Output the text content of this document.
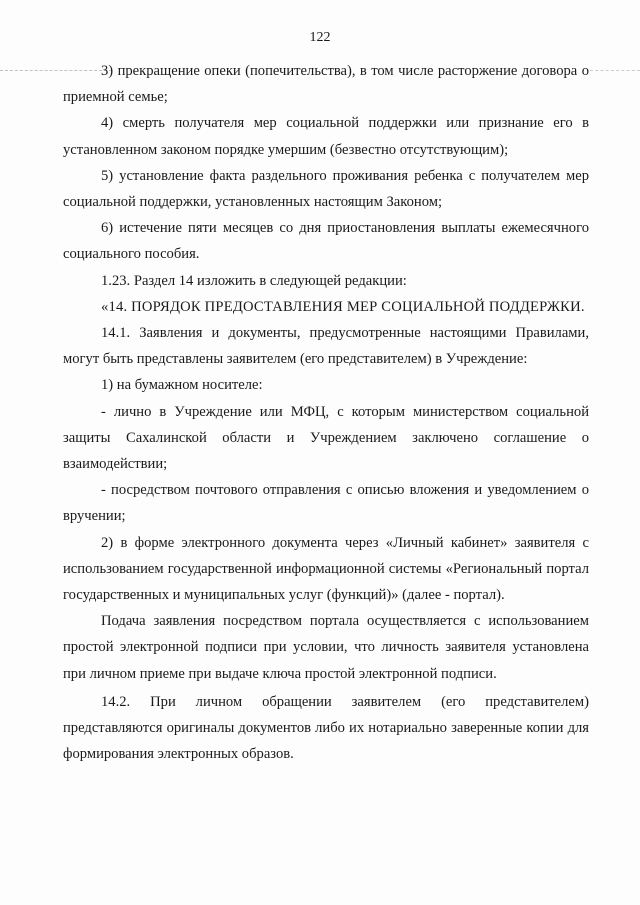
122

3) прекращение опеки (попечительства), в том числе расторжение договора о приемной семье;

4) смерть получателя мер социальной поддержки или признание его в установленном законом порядке умершим (безвестно отсутствующим);

5) установление факта раздельного проживания ребенка с получателем мер социальной поддержки, установленных настоящим Законом;

6) истечение пяти месяцев со дня приостановления выплаты ежемесячного социального пособия.

1.23. Раздел 14 изложить в следующей редакции:

«14. ПОРЯДОК ПРЕДОСТАВЛЕНИЯ МЕР СОЦИАЛЬНОЙ ПОДДЕРЖКИ.

14.1. Заявления и документы, предусмотренные настоящими Правилами, могут быть представлены заявителем (его представителем) в Учреждение:

1) на бумажном носителе:

- лично в Учреждение или МФЦ, с которым министерством социальной защиты Сахалинской области и Учреждением заключено соглашение о взаимодействии;

- посредством почтового отправления с описью вложения и уведомлением о вручении;

2) в форме электронного документа через «Личный кабинет» заявителя с использованием государственной информационной системы «Региональный портал государственных и муниципальных услуг (функций)» (далее - портал).

Подача заявления посредством портала осуществляется с использованием простой электронной подписи при условии, что личность заявителя установлена при личном приеме при выдаче ключа простой электронной подписи.

14.2. При личном обращении заявителем (его представителем) представляются оригиналы документов либо их нотариально заверенные копии для формирования электронных образов.
